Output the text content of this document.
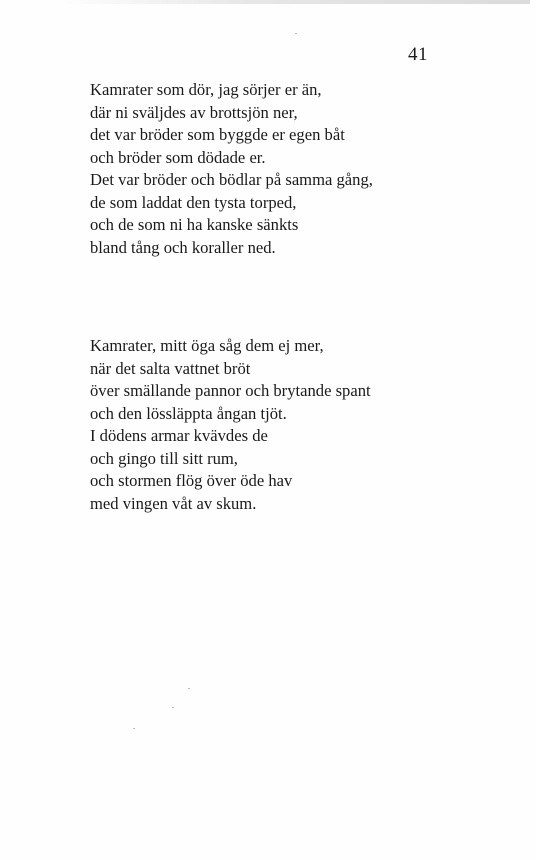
41
Kamrater som dör, jag sörjer er än,
där ni sväljdes av brottsjön ner,
det var bröder som byggde er egen båt
och bröder som dödade er.
Det var bröder och bödlar på samma gång,
de som laddat den tysta torped,
och de som ni ha kanske sänkts
bland tång och koraller ned.
Kamrater, mitt öga såg dem ej mer,
när det salta vattnet bröt
över smällande pannor och brytande spant
och den lössläppta ångan tjöt.
I dödens armar kvävdes de
och gingo till sitt rum,
och stormen flög över öde hav
med vingen våt av skum.
